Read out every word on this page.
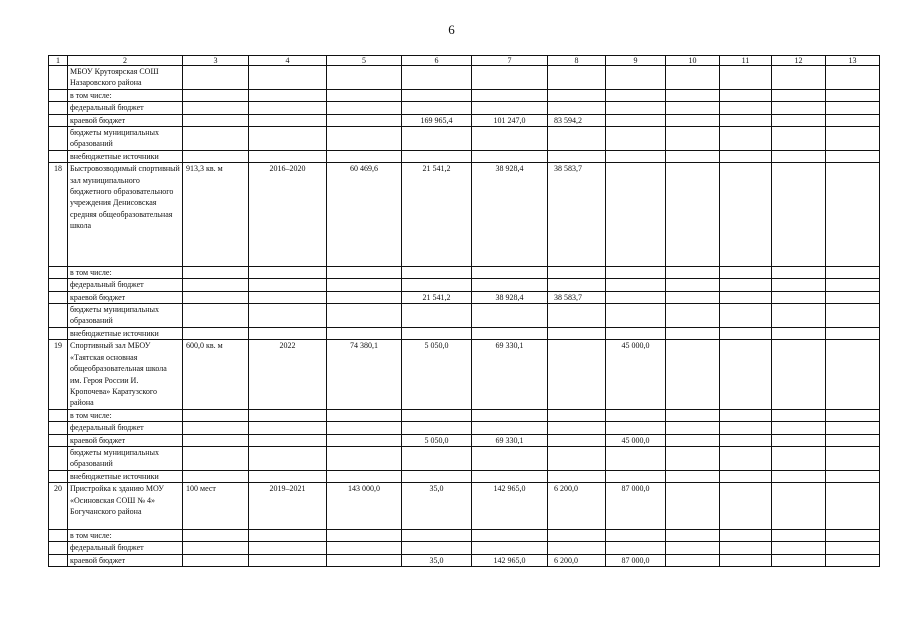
6
1	2	3	4	5	6	7	8	9	10	11	12	13
	МБОУ Крутоярская СОШ Назаровского района											
	в том числе:											
	федеральный бюджет											
	краевой бюджет				169 965,4	101 247,0	83 594,2					
	бюджеты муниципальных образований											
	внебюджетные источники											
18	Быстровозводимый спортивный зал муниципального бюджетного образовательного учреждения Денисовская средняя общеобразовательная школа	913,3 кв. м	2016–2020	60 469,6	21 541,2	38 928,4	38 583,7					
	в том числе:											
	федеральный бюджет											
	краевой бюджет				21 541,2	38 928,4	38 583,7					
	бюджеты муниципальных образований											
	внебюджетные источники											
19	Спортивный зал МБОУ «Таятская основная общеобразовательная школа им. Героя России И. Кропочева» Каратузского района	600,0 кв. м	2022	74 380,1	5 050,0	69 330,1		45 000,0				
	в том числе:											
	федеральный бюджет											
	краевой бюджет				5 050,0	69 330,1		45 000,0				
	бюджеты муниципальных образований											
	внебюджетные источники											
20	Пристройка к зданию МОУ «Осиновская СОШ № 4» Богучанского района	100 мест	2019–2021	143 000,0	35,0	142 965,0	6 200,0	87 000,0				
	в том числе:											
	федеральный бюджет											
	краевой бюджет				35,0	142 965,0	6 200,0	87 000,0				
